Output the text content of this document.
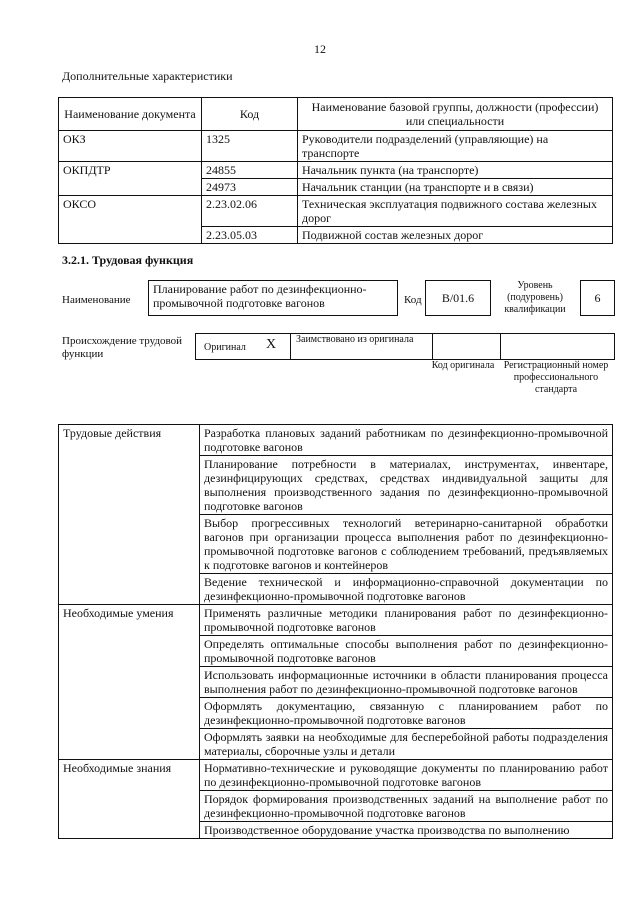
12
Дополнительные характеристики
Наименование документа	Код	Наименование базовой группы, должности (профессии) или специальности
ОКЗ	1325	Руководители подразделений (управляющие) на транспорте
ОКПДТР	24855	Начальник пункта (на транспорте)
	24973	Начальник станции (на транспорте и в связи)
ОКСО	2.23.02.06	Техническая эксплуатация подвижного состава железных дорог
	2.23.05.03	Подвижной состав железных дорог
3.2.1. Трудовая функция
Наименование
Планирование работ по дезинфекционно-промывочной подготовке вагонов	Код	В/01.6
Уровень (подуровень) квалификации
6
Происхождение трудовой функции
Оригинал X Заимствовано из оригинала
Код оригинала Регистрационный номер профессионального стандарта
Трудовые действия	Разработка плановых заданий работникам по дезинфекционно-промывочной подготовке вагонов
	Планирование потребности в материалах, инструментах, инвентаре, дезинфицирующих средствах, средствах индивидуальной защиты для выполнения производственного задания по дезинфекционно-промывочной подготовке вагонов
	Выбор прогрессивных технологий ветеринарно-санитарной обработки вагонов при организации процесса выполнения работ по дезинфекционно-промывочной подготовке вагонов с соблюдением требований, предъявляемых к подготовке вагонов и контейнеров
	Ведение технической и информационно-справочной документации по дезинфекционно-промывочной подготовке вагонов
Необходимые умения	Применять различные методики планирования работ по дезинфекционно-промывочной подготовке вагонов
	Определять оптимальные способы выполнения работ по дезинфекционно-промывочной подготовке вагонов
	Использовать информационные источники в области планирования процесса выполнения работ по дезинфекционно-промывочной подготовке вагонов
	Оформлять документацию, связанную с планированием работ по дезинфекционно-промывочной подготовке вагонов
	Оформлять заявки на необходимые для бесперебойной работы подразделения материалы, сборочные узлы и детали
Необходимые знания	Нормативно-технические и руководящие документы по планированию работ по дезинфекционно-промывочной подготовке вагонов
	Порядок формирования производственных заданий на выполнение работ по дезинфекционно-промывочной подготовке вагонов
	Производственное оборудование участка производства по выполнению
